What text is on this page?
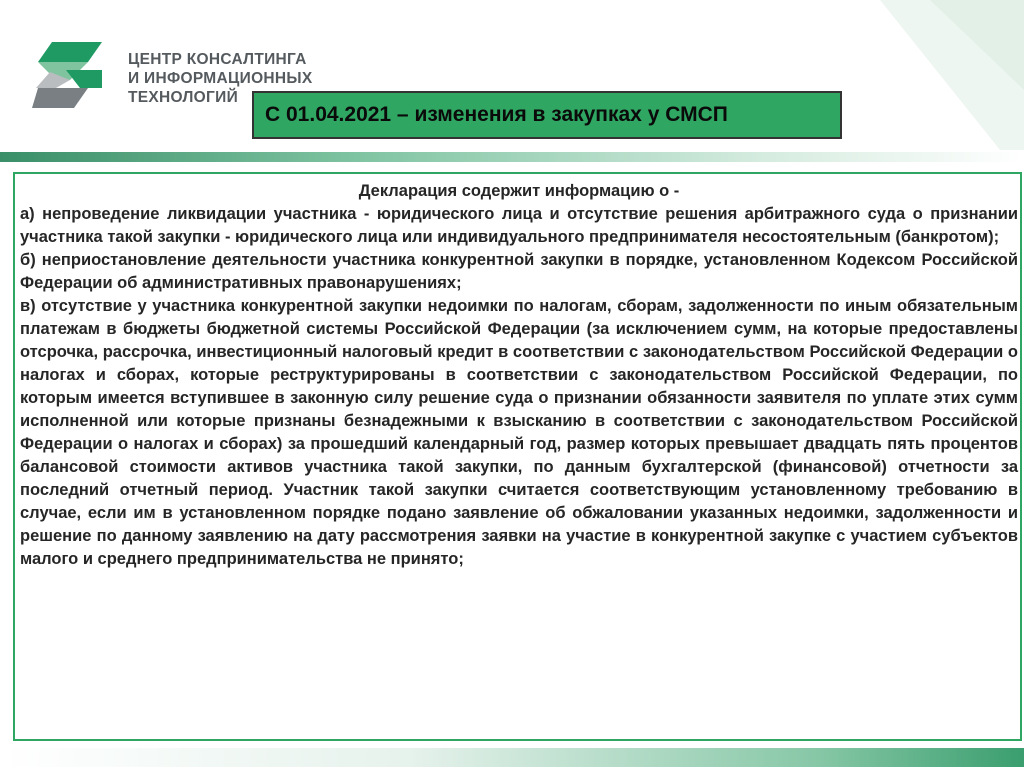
ЦЕНТР КОНСАЛТИНГА
И ИНФОРМАЦИОННЫХ
ТЕХНОЛОГИЙ
С 01.04.2021 – изменения в закупках у СМСП
Декларация содержит информацию о -

а) непроведение ликвидации участника - юридического лица и отсутствие решения арбитражного суда о признании участника такой закупки - юридического лица или индивидуального предпринимателя несостоятельным (банкротом);

б) неприостановление деятельности участника конкурентной закупки в порядке, установленном Кодексом Российской Федерации об административных правонарушениях;

в) отсутствие у участника конкурентной закупки недоимки по налогам, сборам, задолженности по иным обязательным платежам в бюджеты бюджетной системы Российской Федерации (за исключением сумм, на которые предоставлены отсрочка, рассрочка, инвестиционный налоговый кредит в соответствии с законодательством Российской Федерации о налогах и сборах, которые реструктурированы в соответствии с законодательством Российской Федерации, по которым имеется вступившее в законную силу решение суда о признании обязанности заявителя по уплате этих сумм исполненной или которые признаны безнадежными к взысканию в соответствии с законодательством Российской Федерации о налогах и сборах) за прошедший календарный год, размер которых превышает двадцать пять процентов балансовой стоимости активов участника такой закупки, по данным бухгалтерской (финансовой) отчетности за последний отчетный период. Участник такой закупки считается соответствующим установленному требованию в случае, если им в установленном порядке подано заявление об обжаловании указанных недоимки, задолженности и решение по данному заявлению на дату рассмотрения заявки на участие в конкурентной закупке с участием субъектов малого и среднего предпринимательства не принято;
